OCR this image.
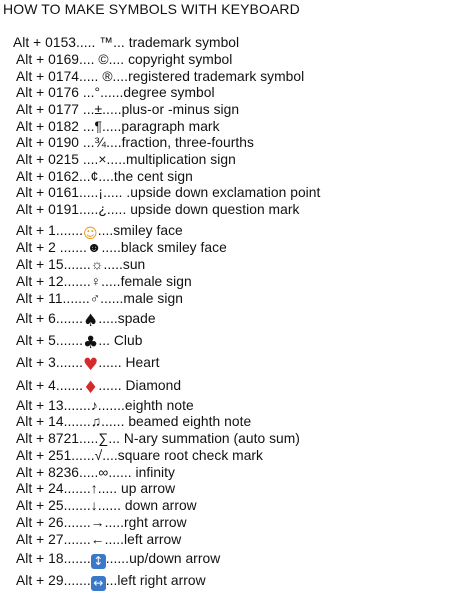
HOW TO MAKE SYMBOLS WITH KEYBOARD
Alt + 0153..... ™... trademark symbol
Alt + 0169.... ©.... copyright symbol
Alt + 0174..... ®....registered trademark symbol
Alt + 0176 ...°......degree symbol
Alt + 0177 ...±.....plus-or -minus sign
Alt + 0182 ...¶.....paragraph mark
Alt + 0190 ...¾....fraction, three-fourths
Alt + 0215 ....×.....multiplication sign
Alt + 0162...¢....the cent sign
Alt + 0161.....¡..... .upside down exclamation point
Alt + 0191.....¿..... upside down question mark
Alt + 1.......☺....smiley face
Alt + 2 .......☻.....black smiley face
Alt + 15.......☼.....sun
Alt + 12.......♀.....female sign
Alt + 11.......♂......male sign
Alt + 6.......♠.....spade
Alt + 5.......♣... Club
Alt + 3.......♥...... Heart
Alt + 4.......♦...... Diamond
Alt + 13.......♪.......eighth note
Alt + 14.......♫...... beamed eighth note
Alt + 8721.....∑... N-ary summation (auto sum)
Alt + 251......√....square root check mark
Alt + 8236.....∞...... infinity
Alt + 24.......↑..... up arrow
Alt + 25.......↓...... down arrow
Alt + 26.......→.....rght arrow
Alt + 27.......←.....left arrow
Alt + 18....... ↕ ......up/down arrow
Alt + 29....... ↔ ...left right arrow
